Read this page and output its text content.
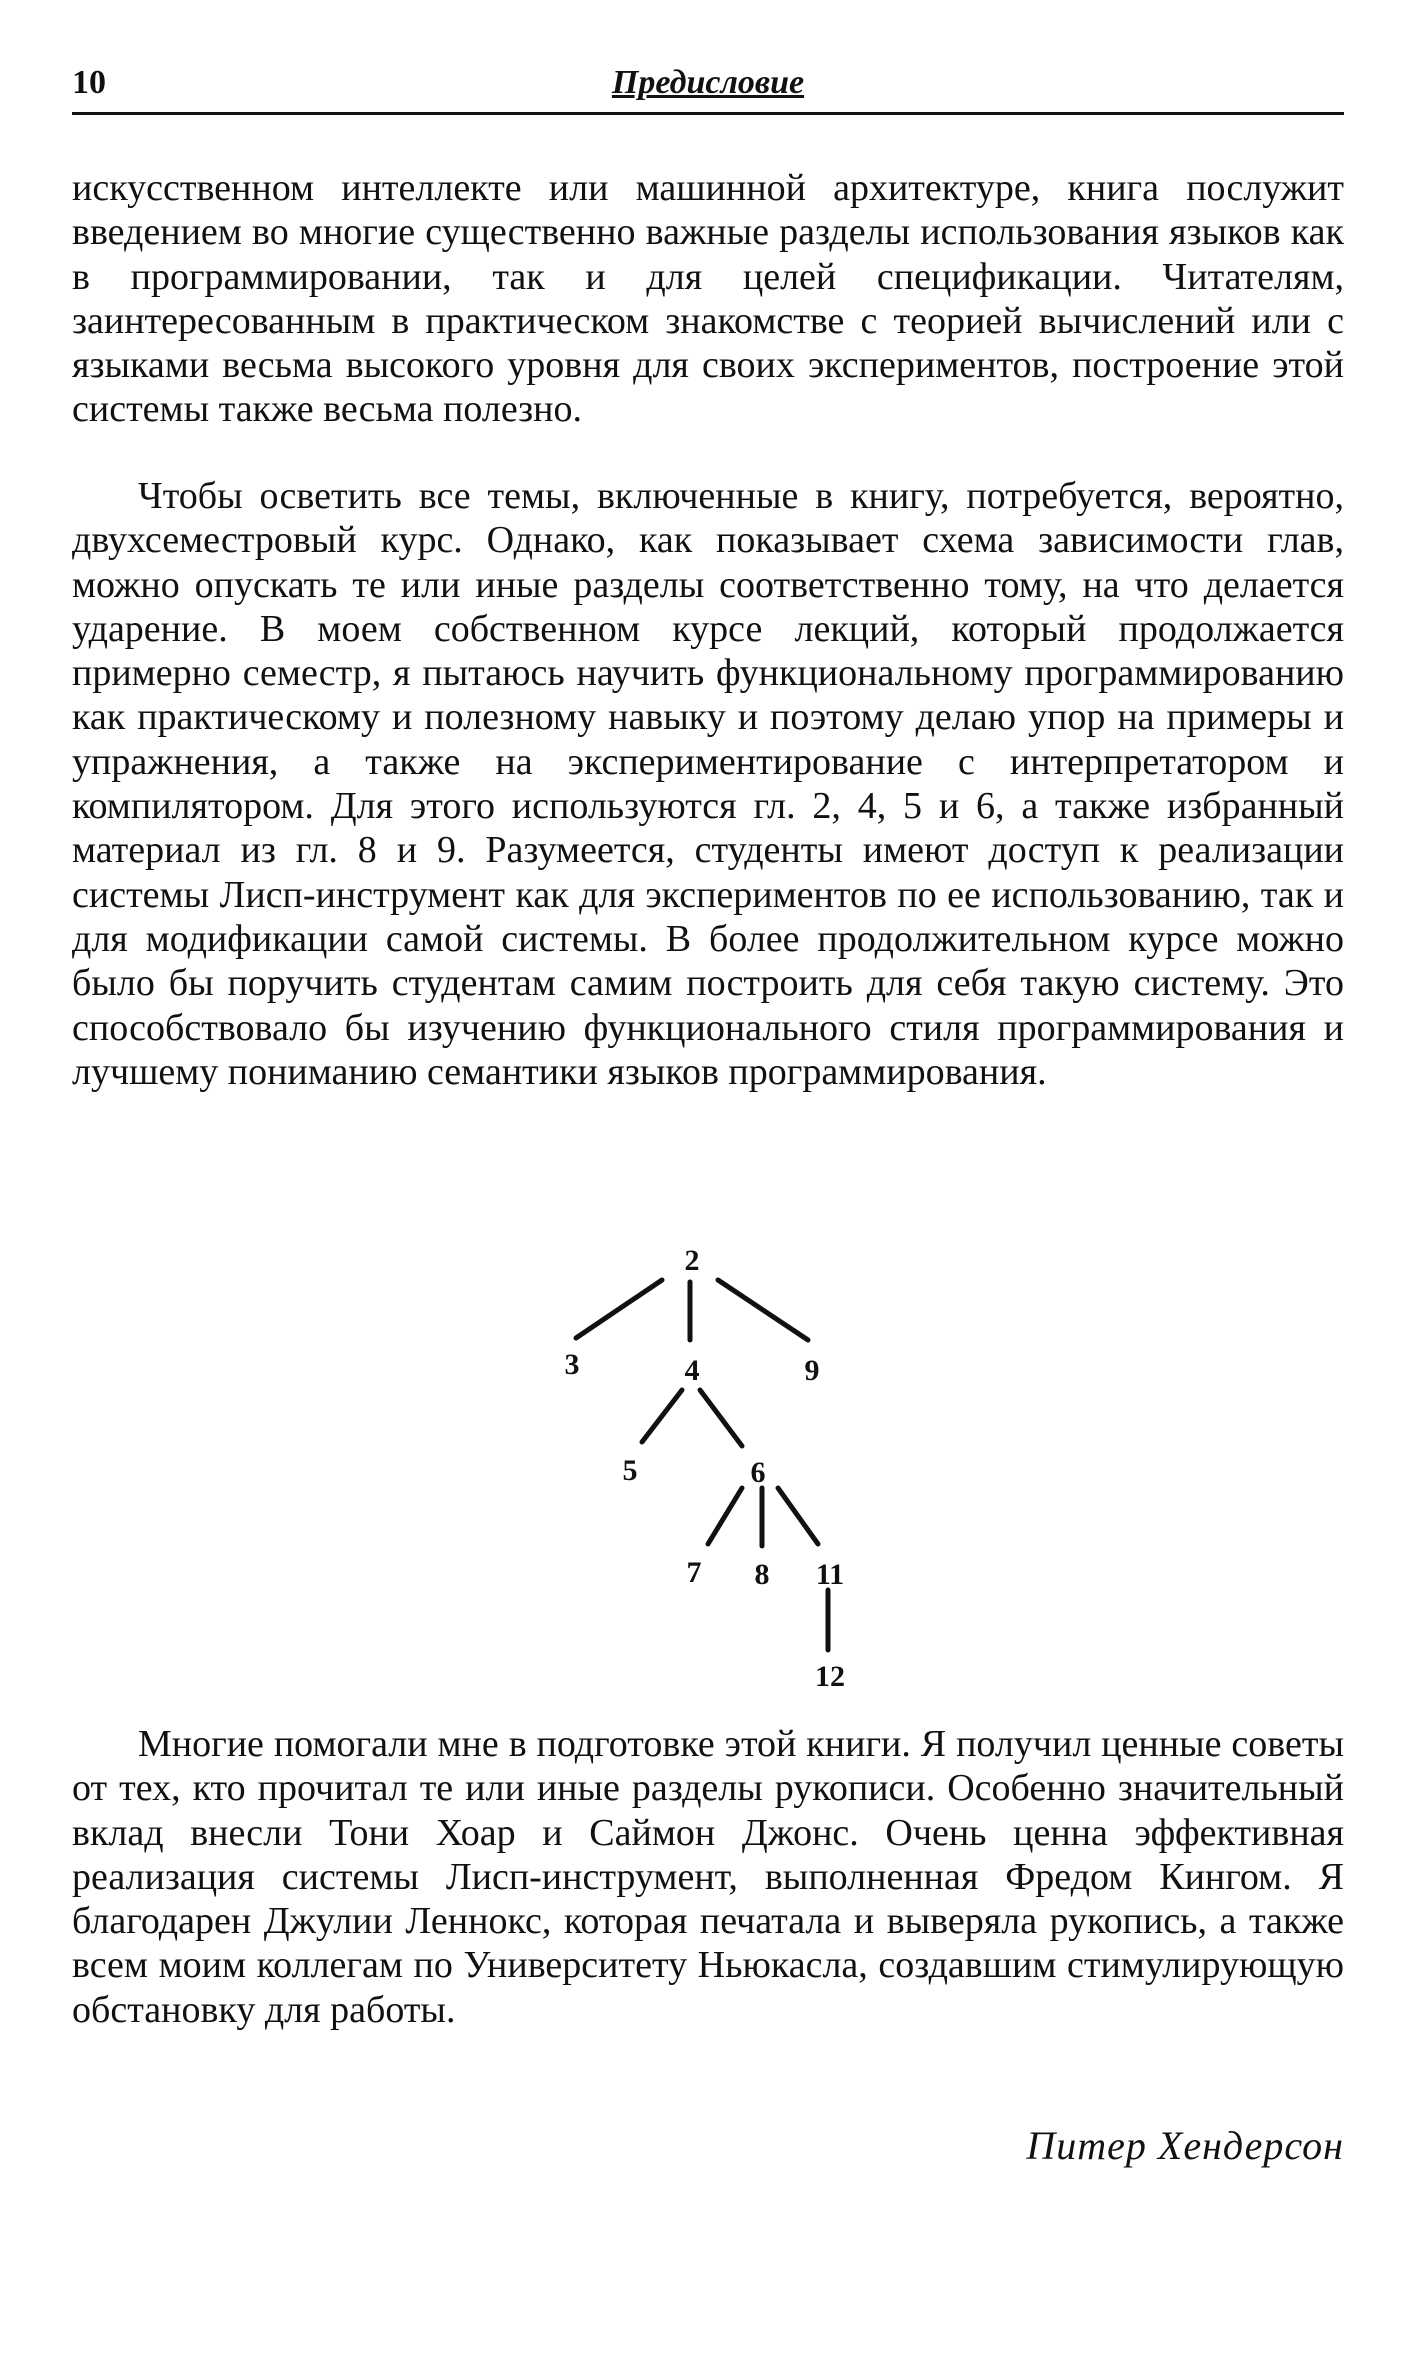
10	Предисловие

искусственном интеллекте или машинной архитектуре, книга послужит введением во многие существенно важные разделы использования языков как в программировании, так и для целей спецификации. Читателям, заинтересованным в практическом знакомстве с теорией вычислений или с языками весьма высокого уровня для своих экспериментов, построение этой системы также весьма полезно.

Чтобы осветить все темы, включенные в книгу, потребуется, вероятно, двухсеместровый курс. Однако, как показывает схема зависимости глав, можно опускать те или иные разделы соответственно тому, на что делается ударение. В моем собственном курсе лекций, который продолжается примерно семестр, я пытаюсь научить функциональному программированию как практическому и полезному навыку и поэтому делаю упор на примеры и упражнения, а также на экспериментирование с интерпретатором и компилятором. Для этого используются гл. 2, 4, 5 и 6, а также избранный материал из гл. 8 и 9. Разумеется, студенты имеют доступ к реализации системы Лисп-инструмент как для экспериментов по ее использованию, так и для модификации самой системы. В более продолжительном курсе можно было бы поручить студентам самим построить для себя такую систему. Это способствовало бы изучению функционального стиля программирования и лучшему пониманию семантики языков программирования.

2
3	4	9
5	6
7 8 11
12

Многие помогали мне в подготовке этой книги. Я получил ценные советы от тех, кто прочитал те или иные разделы рукописи. Особенно значительный вклад внесли Тони Хоар и Саймон Джонс. Очень ценна эффективная реализация системы Лисп-инструмент, выполненная Фредом Кингом. Я благодарен Джулии Леннокс, которая печатала и выверяла рукопись, а также всем моим коллегам по Университету Ньюкасла, создавшим стимулирующую обстановку для работы.

Питер Хендерсон
